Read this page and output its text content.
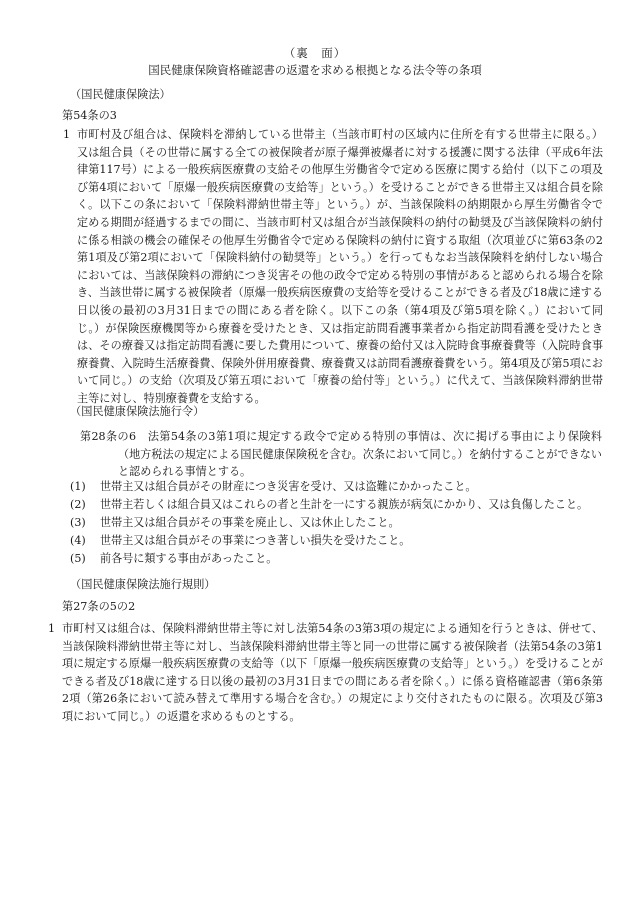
（裏　面）
国民健康保険資格確認書の返還を求める根拠となる法令等の条項
（国民健康保険法）
第54条の3
1 市町村及び組合は、保険料を滞納している世帯主（当該市町村の区域内に住所を有する世帯主に限る。）又は組合員（その世帯に属する全ての被保険者が原子爆弾被爆者に対する援護に関する法律（平成6年法律第117号）による一般疾病医療費の支給その他厚生労働省令で定める医療に関する給付（以下この項及び第4項において「原爆一般疾病医療費の支給等」という。）を受けることができる世帯主又は組合員を除く。以下この条において「保険料滞納世帯主等」という。）が、当該保険料の納期限から厚生労働省令で定める期間が経過するまでの間に、当該市町村又は組合が当該保険料の納付の勧奨及び当該保険料の納付に係る相談の機会の確保その他厚生労働省令で定める保険料の納付に資する取組（次項並びに第63条の2第1項及び第2項において「保険料納付の勧奨等」という。）を行ってもなお当該保険料を納付しない場合においては、当該保険料の滞納につき災害その他の政令で定める特別の事情があると認められる場合を除き、当該世帯に属する被保険者（原爆一般疾病医療費の支給等を受けることができる者及び18歳に達する日以後の最初の3月31日までの間にある者を除く。以下この条（第4項及び第5項を除く。）において同じ。）が保険医療機関等から療養を受けたとき、又は指定訪問看護事業者から指定訪問看護を受けたときは、その療養又は指定訪問看護に要した費用について、療養の給付又は入院時食事療養費等（入院時食事療養費、入院時生活療養費、保険外併用療養費、療養費又は訪問看護療養費をいう。第4項及び第5項において同じ。）の支給（次項及び第五項において「療養の給付等」という。）に代えて、当該保険料滞納世帯主等に対し、特別療養費を支給する。
（国民健康保険法施行令）
第28条の6　 法第54条の3第1項に規定する政令で定める特別の事情は、次に掲げる事由により保険料（地方税法の規定による国民健康保険税を含む。次条において同じ。）を納付することができないと認められる事情とする。
(1) 世帯主又は組合員がその財産につき災害を受け、又は盗難にかかったこと。
(2) 世帯主若しくは組合員又はこれらの者と生計を一にする親族が病気にかかり、又は負傷したこと。
(3) 世帯主又は組合員がその事業を廃止し、又は休止したこと。
(4) 世帯主又は組合員がその事業につき著しい損失を受けたこと。
(5) 前各号に類する事由があったこと。
（国民健康保険法施行規則）
第27条の5の2
1 市町村又は組合は、保険料滞納世帯主等に対し法第54条の3第3項の規定による通知を行うときは、併せて、当該保険料滞納世帯主等に対し、当該保険料滞納世帯主等と同一の世帯に属する被保険者（法第54条の3第1項に規定する原爆一般疾病医療費の支給等（以下「原爆一般疾病医療費の支給等」という。）を受けることができる者及び18歳に達する日以後の最初の3月31日までの間にある者を除く。）に係る資格確認書（第6条第2項（第26条において読み替えて準用する場合を含む。）の規定により交付されたものに限る。次項及び第3項において同じ。）の返還を求めるものとする。
